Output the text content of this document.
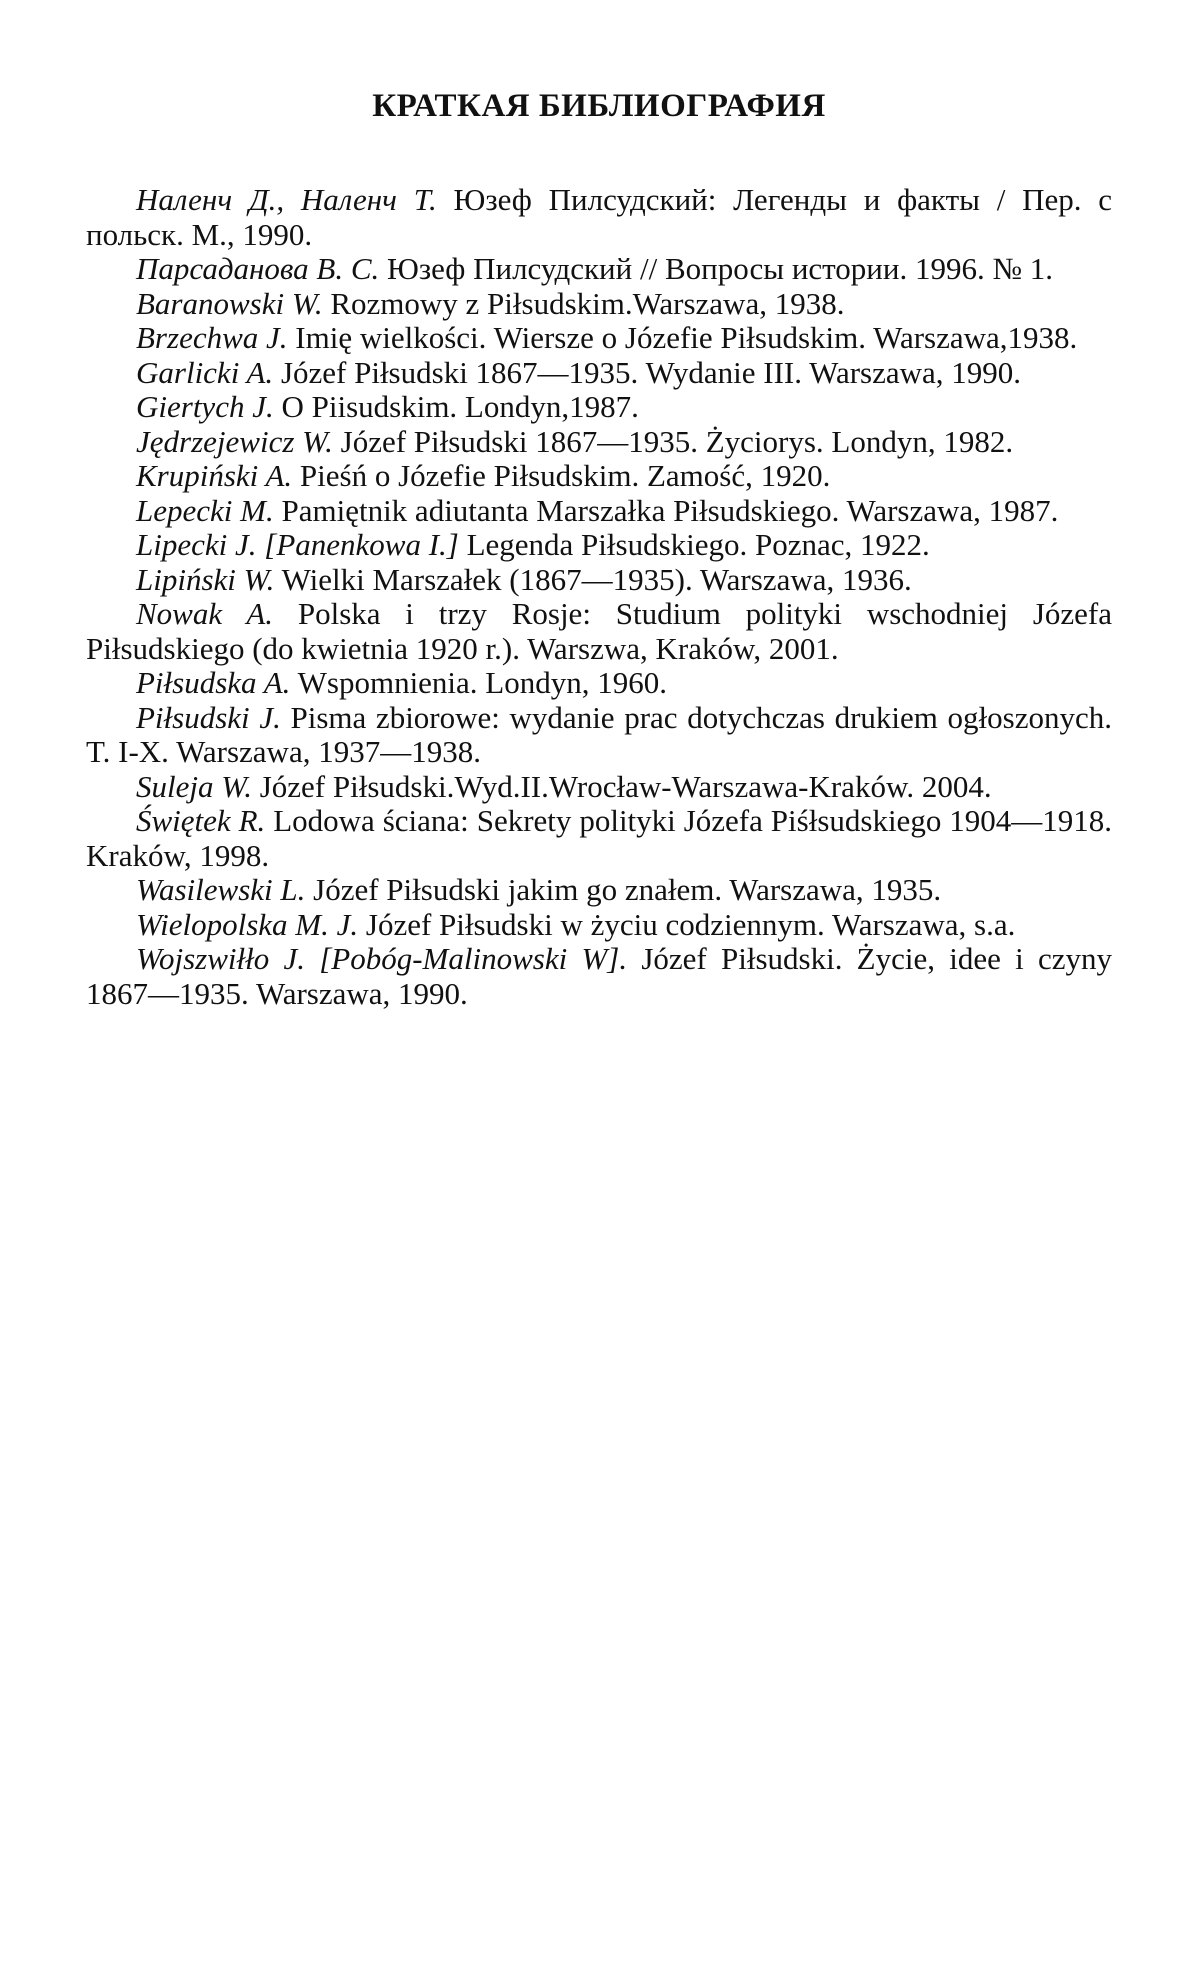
КРАТКАЯ БИБЛИОГРАФИЯ
Наленч Д., Наленч Т. Юзеф Пилсудский: Легенды и факты / Пер. с польск. М., 1990.
Парсаданова В. С. Юзеф Пилсудский // Вопросы истории. 1996. № 1.
Baranowski W. Rozmowy z Piłsudskim.Warszawa, 1938.
Brzechwa J. Imię wielkości. Wiersze o Józefie Piłsudskim. Warszawa,1938.
Garlicki A. Józef Piłsudski 1867—1935. Wydanie III. Warszawa, 1990.
Giertych J. O Piisudskim. Londyn,1987.
Jędrzejewicz W. Józef Piłsudski 1867—1935. Życiorys. Londyn, 1982.
Krupiński A. Pieśń o Józefie Piłsudskim. Zamość, 1920.
Lepecki M. Pamiętnik adiutanta Marszałka Piłsudskiego. Warszawa, 1987.
Lipecki J. [Panenkowa I.] Legenda Piłsudskiego. Poznac, 1922.
Lipiński W. Wielki Marszałek (1867—1935). Warszawa, 1936.
Nowak A. Polska i trzy Rosje: Studium polityki wschodniej Józefa Piłsudskiego (do kwietnia 1920 r.). Warszwa, Kraków, 2001.
Piłsudska A. Wspomnienia. Londyn, 1960.
Piłsudski J. Pisma zbiorowe: wydanie prac dotychczas drukiem ogłoszonych. T. I-X. Warszawa, 1937—1938.
Suleja W. Józef Piłsudski.Wyd.II.Wrocław-Warszawa-Kraków. 2004.
Świętek R. Lodowa ściana: Sekrety polityki Józefa Piśłsudskiego 1904—1918. Kraków, 1998.
Wasilewski L. Józef Piłsudski jakim go znałem. Warszawa, 1935.
Wielopolska M. J. Józef Piłsudski w życiu codziennym. Warszawa, s.a.
Wojszwiłło J. [Pobóg-Malinowski W]. Józef Piłsudski. Życie, idee i czyny 1867—1935. Warszawa, 1990.
